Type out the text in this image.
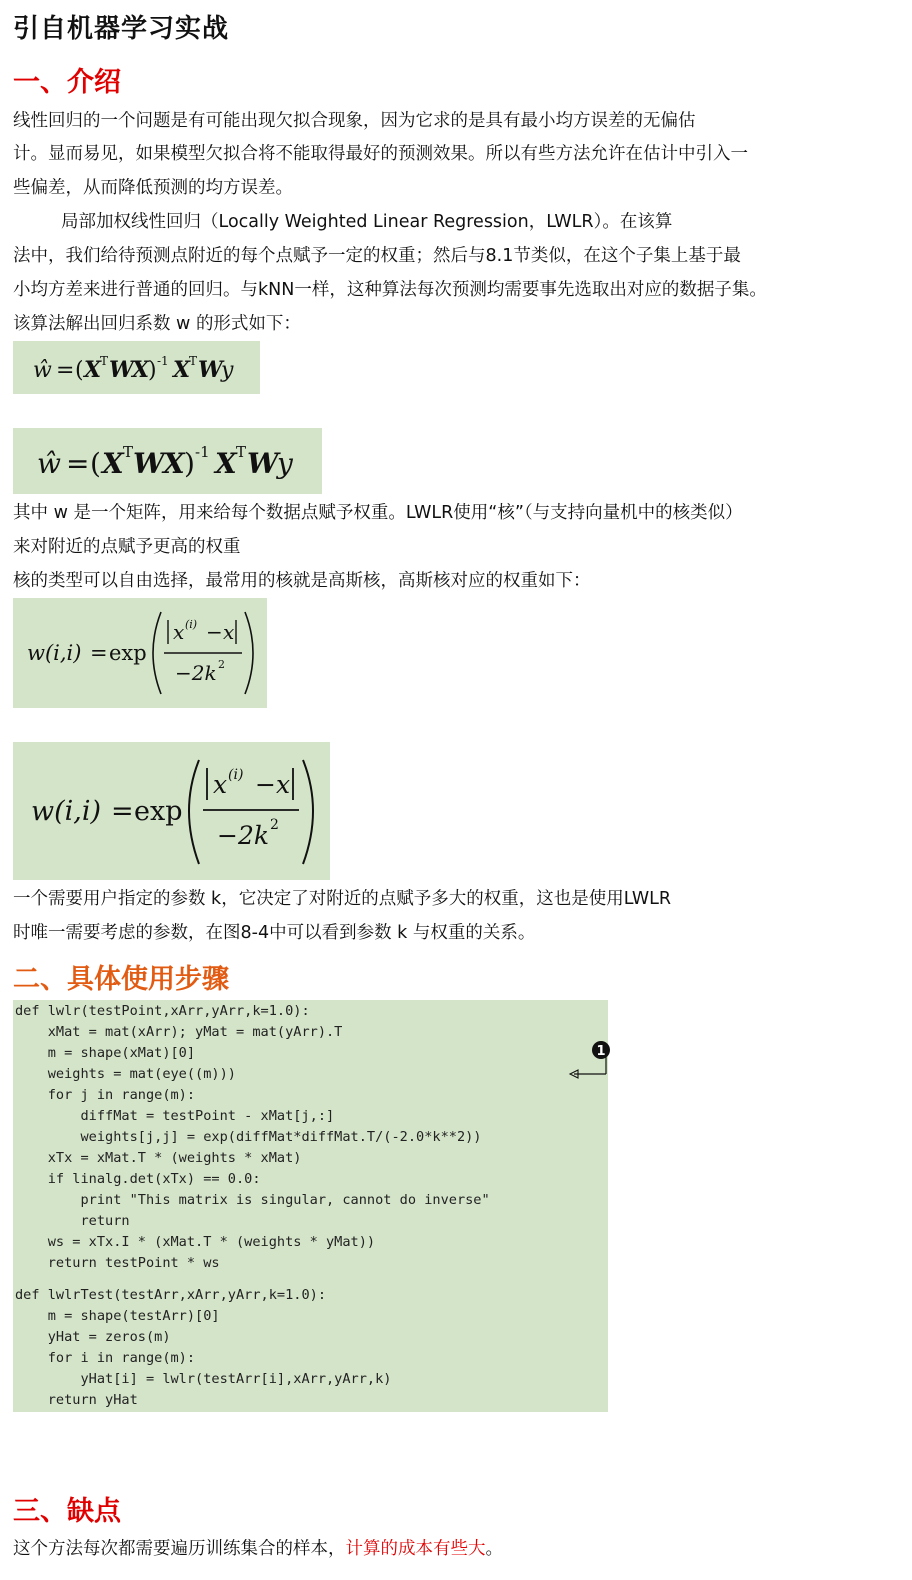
引自机器学习实战
一、介绍
线性回归的一个问题是有可能出现欠拟合现象，因为它求的是具有最小均方误差的无偏估
计。显而易见，如果模型欠拟合将不能取得最好的预测效果。所以有些方法允许在估计中引入一
些偏差，从而降低预测的均方误差。
局部加权线性回归（Locally Weighted Linear Regression，LWLR）。在该算
法中，我们给待预测点附近的每个点赋予一定的权重；然后与8.1节类似，在这个子集上基于最
小均方差来进行普通的回归。与kNN一样，这种算法每次预测均需要事先选取出对应的数据子集。
该算法解出回归系数 w 的形式如下：
ŵ = ( X
T W
X
) -1 X
T W
y
ŵ = ( X T W
X ) -1 X T W
y
其中 w 是一个矩阵，用来给每个数据点赋予权重。LWLR使用“核”（与支持向量机中的核类似）
来对附近的点赋予更高的权重
核的类型可以自由选择，最常用的核就是高斯核，高斯核对应的权重如下：
w(i,i) = exp
x (i) − x
−2k 2
w(i,i) = exp
x (i) − x
−2k 2
一个需要用户指定的参数 k，它决定了对附近的点赋予多大的权重，这也是使用LWLR
时唯一需要考虑的参数，在图8-4中可以看到参数 k 与权重的关系。
二、具体使用步骤
def lwlr(testPoint,xArr,yArr,k=1.0):
xMat = mat(xArr); yMat = mat(yArr).T
m = shape(xMat)[0]
weights = mat(eye((m)))
for j in range(m):
diffMat = testPoint - xMat[j,:]
weights[j,j] = exp(diffMat*diffMat.T/(-2.0*k**2))
xTx = xMat.T * (weights * xMat)
if linalg.det(xTx) == 0.0:
print "This matrix is singular, cannot do inverse"
return
ws = xTx.I * (xMat.T * (weights * yMat))
return testPoint * ws
def lwlrTest(testArr,xArr,yArr,k=1.0):
m = shape(testArr)[0]
yHat = zeros(m)
for i in range(m):
yHat[i] = lwlr(testArr[i],xArr,yArr,k)
return yHat
1
三、缺点
这个方法每次都需要遍历训练集合的样本，计算的成本有些大。
